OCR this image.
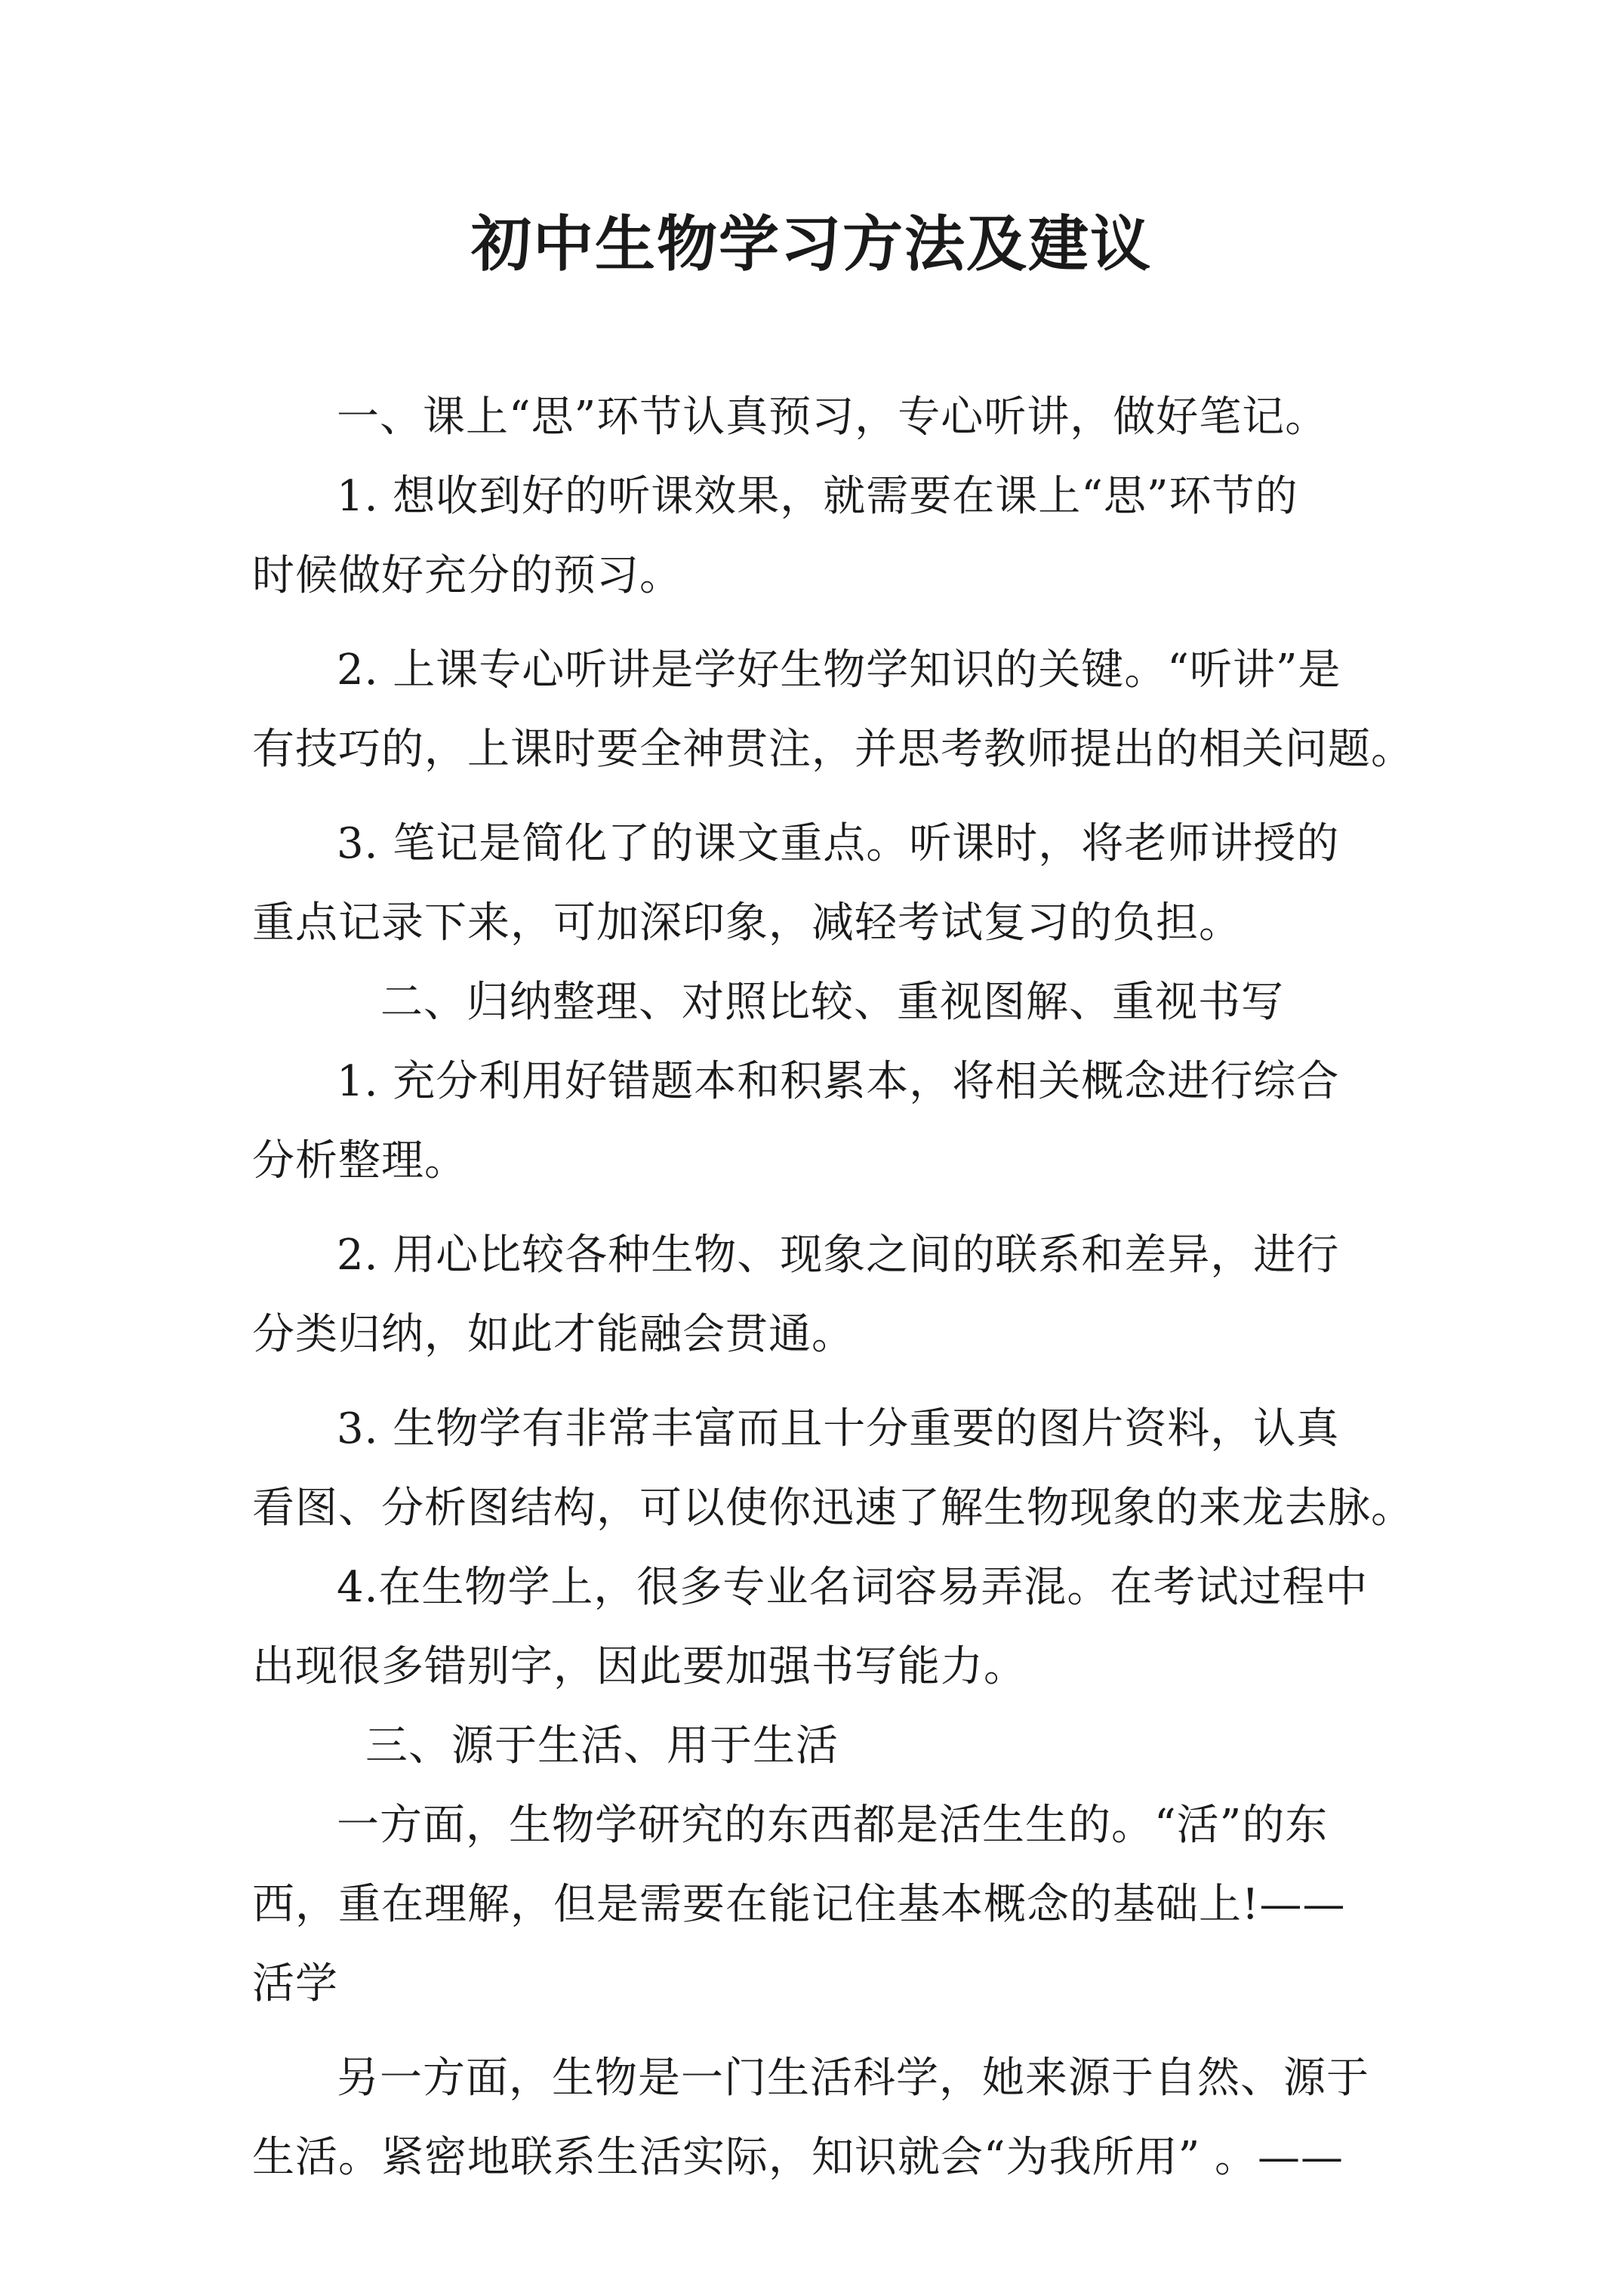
初中生物学习方法及建议
一、课上“思”环节认真预习，专心听讲，做好笔记。
1. 想收到好的听课效果，就需要在课上“思”环节的
时候做好充分的预习。
2. 上课专心听讲是学好生物学知识的关键。“听讲”是
有技巧的，上课时要全神贯注，并思考教师提出的相关问题。
3. 笔记是简化了的课文重点。听课时，将老师讲授的
重点记录下来，可加深印象，减轻考试复习的负担。
二、归纳整理、对照比较、重视图解、重视书写
1. 充分利用好错题本和积累本，将相关概念进行综合
分析整理。
2. 用心比较各种生物、现象之间的联系和差异，进行
分类归纳，如此才能融会贯通。
3. 生物学有非常丰富而且十分重要的图片资料，认真
看图、分析图结构，可以使你迅速了解生物现象的来龙去脉。
4.在生物学上，很多专业名词容易弄混。在考试过程中
出现很多错别字，因此要加强书写能力。
三、源于生活、用于生活
一方面，生物学研究的东西都是活生生的。“活”的东
西，重在理解，但是需要在能记住基本概念的基础上!——
活学
另一方面，生物是一门生活科学，她来源于自然、源于
生活。紧密地联系生活实际，知识就会“为我所用” 。——
